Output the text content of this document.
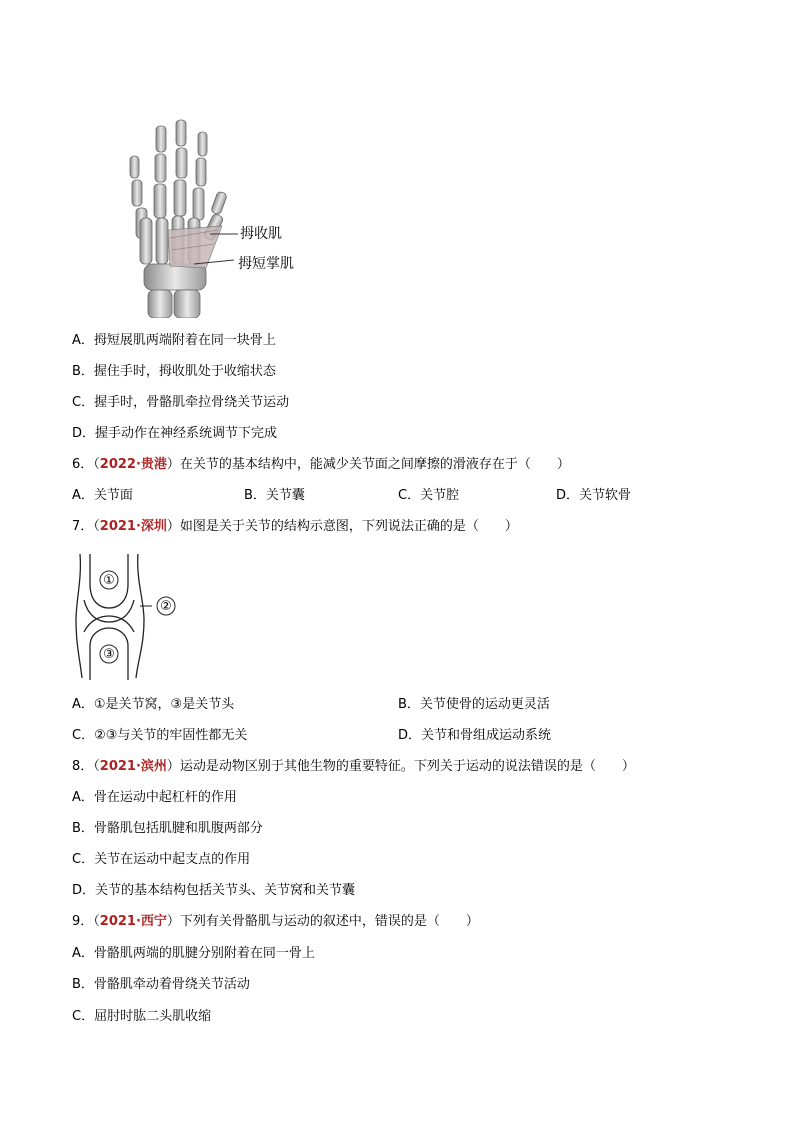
拇收肌
拇短掌肌
A．拇短展肌两端附着在同一块骨上
B．握住手时，拇收肌处于收缩状态
C．握手时，骨骼肌牵拉骨绕关节运动
D．握手动作在神经系统调节下完成
6．（2022·贵港）在关节的基本结构中，能减少关节面之间摩擦的滑液存在于（　　）
A．关节面	B．关节囊	C．关节腔	D．关节软骨
7．（2021·深圳）如图是关于关节的结构示意图，下列说法正确的是（　　）
①
②
③
A．①是关节窝，③是关节头	B．关节使骨的运动更灵活
C．②③与关节的牢固性都无关	D．关节和骨组成运动系统
8．（2021·滨州）运动是动物区别于其他生物的重要特征。下列关于运动的说法错误的是（　　）
A．骨在运动中起杠杆的作用
B．骨骼肌包括肌腱和肌腹两部分
C．关节在运动中起支点的作用
D．关节的基本结构包括关节头、关节窝和关节囊
9．（2021·西宁）下列有关骨骼肌与运动的叙述中，错误的是（　　）
A．骨骼肌两端的肌腱分别附着在同一骨上
B．骨骼肌牵动着骨绕关节活动
C．屈肘时肱二头肌收缩
